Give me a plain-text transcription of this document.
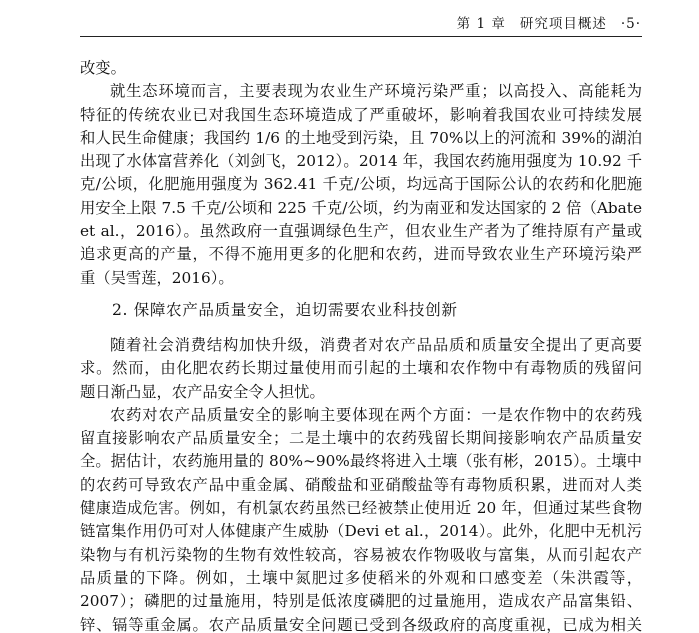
第 1 章 研究项目概述 ·5·
改变。
就生态环境而言，主要表现为农业生产环境污染严重；以高投入、高能耗为
特征的传统农业已对我国生态环境造成了严重破坏，影响着我国农业可持续发展
和人民生命健康；我国约 1/6 的土地受到污染，且 70%以上的河流和 39%的湖泊
出现了水体富营养化（刘剑飞，2012）。2014 年，我国农药施用强度为 10.92 千
克/公顷，化肥施用强度为 362.41 千克/公顷，均远高于国际公认的农药和化肥施
用安全上限 7.5 千克/公顷和 225 千克/公顷，约为南亚和发达国家的 2 倍（Abate
et al.，2016）。虽然政府一直强调绿色生产，但农业生产者为了维持原有产量或
追求更高的产量，不得不施用更多的化肥和农药，进而导致农业生产环境污染严
重（吴雪莲，2016）。
2. 保障农产品质量安全，迫切需要农业科技创新
随着社会消费结构加快升级，消费者对农产品品质和质量安全提出了更高要
求。然而，由化肥农药长期过量使用而引起的土壤和农作物中有毒物质的残留问
题日渐凸显，农产品安全令人担忧。
农药对农产品质量安全的影响主要体现在两个方面：一是农作物中的农药残
留直接影响农产品质量安全；二是土壤中的农药残留长期间接影响农产品质量安
全。据估计，农药施用量的 80%~90%最终将进入土壤（张有彬，2015）。土壤中
的农药可导致农产品中重金属、硝酸盐和亚硝酸盐等有毒物质积累，进而对人类
健康造成危害。例如，有机氯农药虽然已经被禁止使用近 20 年，但通过某些食物
链富集作用仍可对人体健康产生威胁（Devi et al.，2014）。此外，化肥中无机污
染物与有机污染物的生物有效性较高，容易被农作物吸收与富集，从而引起农产
品质量的下降。例如，土壤中氮肥过多使稻米的外观和口感变差（朱洪霞等，
2007）；磷肥的过量施用，特别是低浓度磷肥的过量施用，造成农产品富集铅、
锌、镉等重金属。农产品质量安全问题已受到各级政府的高度重视，已成为相关
